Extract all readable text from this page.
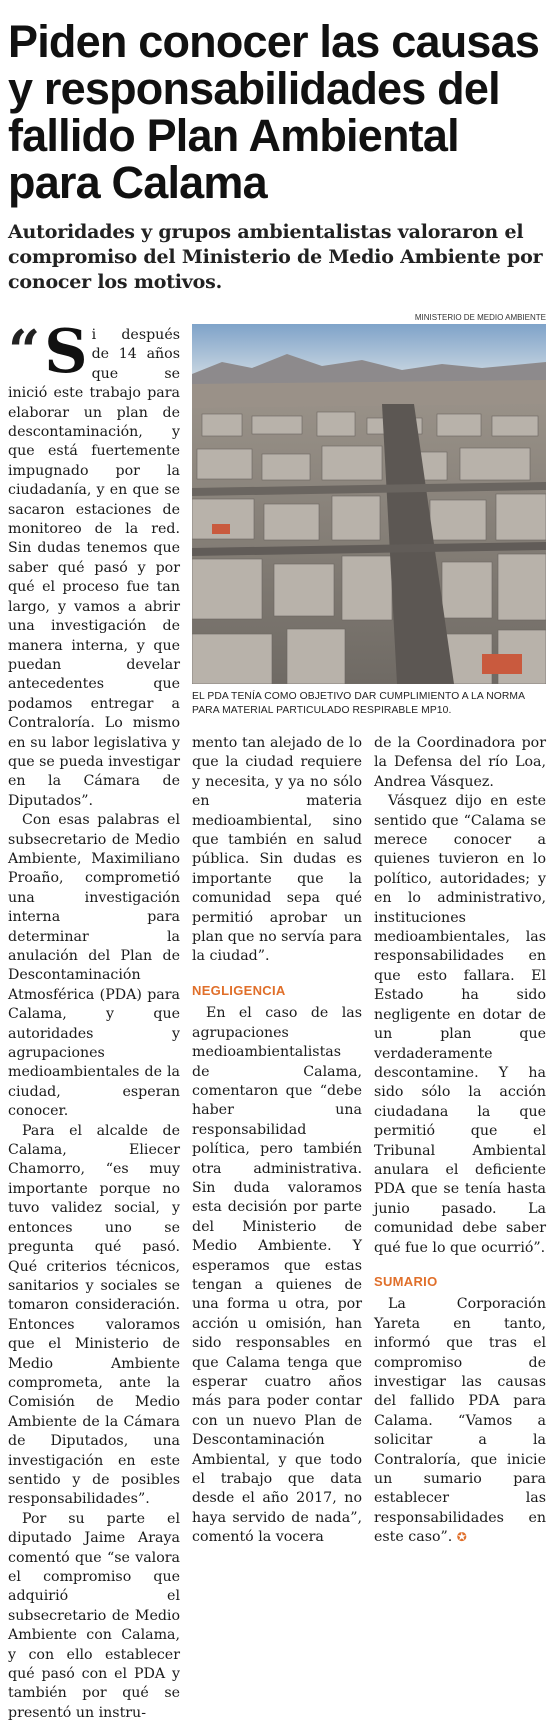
Piden conocer las causas y responsabilidades del fallido Plan Ambiental para Calama
Autoridades y grupos ambientalistas valoraron el compromiso del Ministerio de Medio Ambiente por conocer los motivos.

“ S i después de 14 años que se inició este trabajo para elaborar un plan de descontaminación, y que está fuertemente impugnado por la ciudadanía, y en que se sacaron estaciones de monitoreo de la red. Sin dudas tenemos que saber qué pasó y por qué el proceso fue tan largo, y vamos a abrir una investigación de manera interna, y que puedan develar antecedentes que podamos entregar a Contraloría. Lo mismo en su labor legislativa y que se pueda investigar en la Cámara de Diputados”.

Con esas palabras el subsecretario de Medio Ambiente, Maximiliano Proaño, comprometió una investigación interna para determinar la anulación del Plan de Descontaminación Atmosférica (PDA) para Calama, y que autoridades y agrupaciones medioambientales de la ciudad, esperan conocer.

Para el alcalde de Calama, Eliecer Chamorro, “es muy importante porque no tuvo validez social, y entonces uno se pregunta qué pasó. Qué criterios técnicos, sanitarios y sociales se tomaron consideración. Entonces valoramos que el Ministerio de Medio Ambiente comprometa, ante la Comisión de Medio Ambiente de la Cámara de Diputados, una investigación en este sentido y de posibles responsabilidades”.

Por su parte el diputado Jaime Araya comentó que “se valora el compromiso que adquirió el subsecretario de Medio Ambiente con Calama, y con ello establecer qué pasó con el PDA y también por qué se presentó un instru-

MINISTERIO DE MEDIO AMBIENTE
EL PDA TENÍA COMO OBJETIVO DAR CUMPLIMIENTO A LA NORMA PARA MATERIAL PARTICULADO RESPIRABLE MP10.

mento tan alejado de lo que la ciudad requiere y necesita, y ya no sólo en materia medioambiental, sino que también en salud pública. Sin dudas es importante que la comunidad sepa qué permitió aprobar un plan que no servía para la ciudad”.

NEGLIGENCIA

En el caso de las agrupaciones medioambientalistas de Calama, comentaron que “debe haber una responsabilidad política, pero también otra administrativa. Sin duda valoramos esta decisión por parte del Ministerio de Medio Ambiente. Y esperamos que estas tengan a quienes de una forma u otra, por acción u omisión, han sido responsables en que Calama tenga que esperar cuatro años más para poder contar con un nuevo Plan de Descontaminación Ambiental, y que todo el trabajo que data desde el año 2017, no haya servido de nada”, comentó la vocera

de la Coordinadora por la Defensa del río Loa, Andrea Vásquez.

Vásquez dijo en este sentido que “Calama se merece conocer a quienes tuvieron en lo político, autoridades; y en lo administrativo, instituciones medioambientales, las responsabilidades en que esto fallara. El Estado ha sido negligente en dotar de un plan que verdaderamente descontamine. Y ha sido sólo la acción ciudadana la que permitió que el Tribunal Ambiental anulara el deficiente PDA que se tenía hasta junio pasado. La comunidad debe saber qué fue lo que ocurrió”.

SUMARIO

La Corporación Yareta en tanto, informó que tras el compromiso de investigar las causas del fallido PDA para Calama. “Vamos a solicitar a la Contraloría, que inicie un sumario para establecer las responsabilidades en este caso”. ✪
